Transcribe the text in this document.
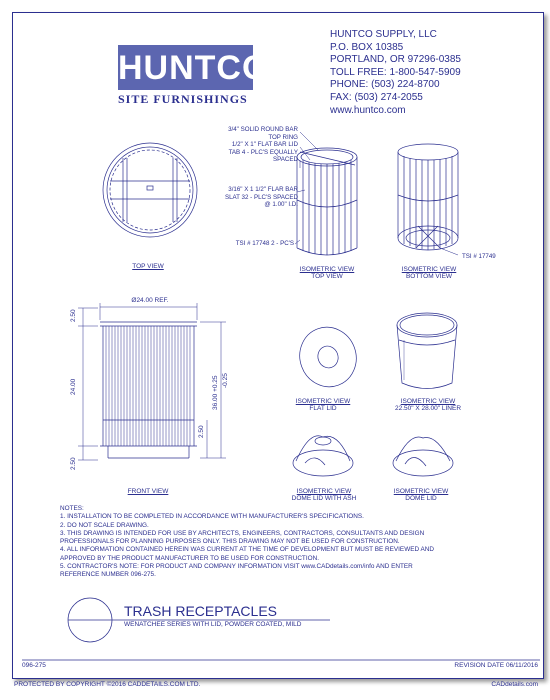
HUNTCO
SITE FURNISHINGS
HUNTCO SUPPLY, LLC
P.O. BOX 10385
PORTLAND, OR 97296-0385
TOLL FREE: 1-800-547-5909
PHONE: (503) 224-8700
FAX: (503) 274-2055
www.huntco.com
24.00
2.50
2.50
36.00 +0.25 -0.25
2.50
Ø24.00 REF.
3/4" SOLID ROUND BAR
TOP RING
1/2" X 1" FLAT BAR LID
TAB 4 - PLC'S EQUALLY
SPACED
3/16" X 1 1/2" FLAR BAR
SLAT 32 - PLC'S SPACED
@ 1.00" I.D.
TSI # 17748 2 - PC'S
TSI # 17749
TOP VIEW	ISOMETRIC VIEW
TOP VIEW
ISOMETRIC VIEW
BOTTOM VIEW
FRONT VIEW
ISOMETRIC VIEW
FLAT LID
ISOMETRIC VIEW
22.50" X 28.00" LINER
ISOMETRIC VIEW
DOME LID WITH ASH
ISOMETRIC VIEW
DOME LID
NOTES:
1. INSTALLATION TO BE COMPLETED IN ACCORDANCE WITH MANUFACTURER'S SPECIFICATIONS.
2. DO NOT SCALE DRAWING.
3. THIS DRAWING IS INTENDED FOR USE BY ARCHITECTS, ENGINEERS, CONTRACTORS, CONSULTANTS AND DESIGN
PROFESSIONALS FOR PLANNING PURPOSES ONLY. THIS DRAWING MAY NOT BE USED FOR CONSTRUCTION.
4. ALL INFORMATION CONTAINED HEREIN WAS CURRENT AT THE TIME OF DEVELOPMENT BUT MUST BE REVIEWED AND
APPROVED BY THE PRODUCT MANUFACTURER TO BE USED FOR CONSTRUCTION.
5. CONTRACTOR'S NOTE: FOR PRODUCT AND COMPANY INFORMATION VISIT www.CADdetails.com/info AND ENTER
REFERENCE NUMBER 096-275.
TRASH RECEPTACLES
WENATCHEE SERIES WITH LID, POWDER COATED, MILD
096-275	REVISION DATE 06/11/2016
PROTECTED BY COPYRIGHT ©2016 CADDETAILS.COM LTD.	CADdetails.com
